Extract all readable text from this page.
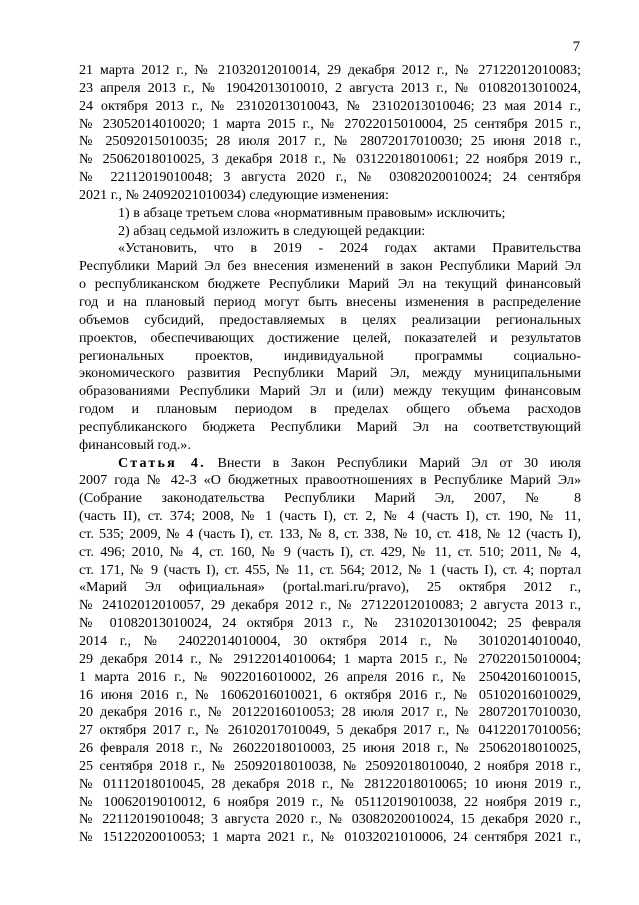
7
21 марта 2012 г., № 21032012010014, 29 декабря 2012 г., № 27122012010083;
23 апреля 2013 г., № 19042013010010, 2 августа 2013 г., № 01082013010024,
24 октября 2013 г., № 23102013010043, № 23102013010046; 23 мая 2014 г.,
№ 23052014010020; 1 марта 2015 г., № 27022015010004, 25 сентября 2015 г.,
№ 25092015010035; 28 июля 2017 г., № 28072017010030; 25 июня 2018 г.,
№ 25062018010025, 3 декабря 2018 г., № 03122018010061; 22 ноября 2019 г.,
№ 22112019010048; 3 августа 2020 г., № 03082020010024; 24 сентября
2021 г., № 24092021010034) следующие изменения:
1) в абзаце третьем слова «нормативным правовым» исключить;
2) абзац седьмой изложить в следующей редакции:
«Установить, что в 2019 - 2024 годах актами Правительства
Республики Марий Эл без внесения изменений в закон Республики Марий Эл
о республиканском бюджете Республики Марий Эл на текущий финансовый
год и на плановый период могут быть внесены изменения в распределение
объемов субсидий, предоставляемых в целях реализации региональных
проектов, обеспечивающих достижение целей, показателей и результатов
региональных проектов, индивидуальной программы социально-
экономического развития Республики Марий Эл, между муниципальными
образованиями Республики Марий Эл и (или) между текущим финансовым
годом и плановым периодом в пределах общего объема расходов
республиканского бюджета Республики Марий Эл на соответствующий
финансовый год.».
Статья 4. Внести в Закон Республики Марий Эл от 30 июля
2007 года № 42-З «О бюджетных правоотношениях в Республике Марий Эл»
(Собрание законодательства Республики Марий Эл, 2007, № 8
(часть II), ст. 374; 2008, № 1 (часть I), ст. 2, № 4 (часть I), ст. 190, № 11,
ст. 535; 2009, № 4 (часть I), ст. 133, № 8, ст. 338, № 10, ст. 418, № 12 (часть I),
ст. 496; 2010, № 4, ст. 160, № 9 (часть I), ст. 429, № 11, ст. 510; 2011, № 4,
ст. 171, № 9 (часть I), ст. 455, № 11, ст. 564; 2012, № 1 (часть I), ст. 4; портал
«Марий Эл официальная» (portal.mari.ru/pravo), 25 октября 2012 г.,
№ 24102012010057, 29 декабря 2012 г., № 27122012010083; 2 августа 2013 г.,
№ 01082013010024, 24 октября 2013 г., № 23102013010042; 25 февраля
2014 г., № 24022014010004, 30 октября 2014 г., № 30102014010040,
29 декабря 2014 г., № 29122014010064; 1 марта 2015 г., № 27022015010004;
1 марта 2016 г., № 9022016010002, 26 апреля 2016 г., № 25042016010015,
16 июня 2016 г., № 16062016010021, 6 октября 2016 г., № 05102016010029,
20 декабря 2016 г., № 20122016010053; 28 июля 2017 г., № 28072017010030,
27 октября 2017 г., № 26102017010049, 5 декабря 2017 г., № 04122017010056;
26 февраля 2018 г., № 26022018010003, 25 июня 2018 г., № 25062018010025,
25 сентября 2018 г., № 25092018010038, № 25092018010040, 2 ноября 2018 г.,
№ 01112018010045, 28 декабря 2018 г., № 28122018010065; 10 июня 2019 г.,
№ 10062019010012, 6 ноября 2019 г., № 05112019010038, 22 ноября 2019 г.,
№ 22112019010048; 3 августа 2020 г., № 03082020010024, 15 декабря 2020 г.,
№ 15122020010053; 1 марта 2021 г., № 01032021010006, 24 сентября 2021 г.,
